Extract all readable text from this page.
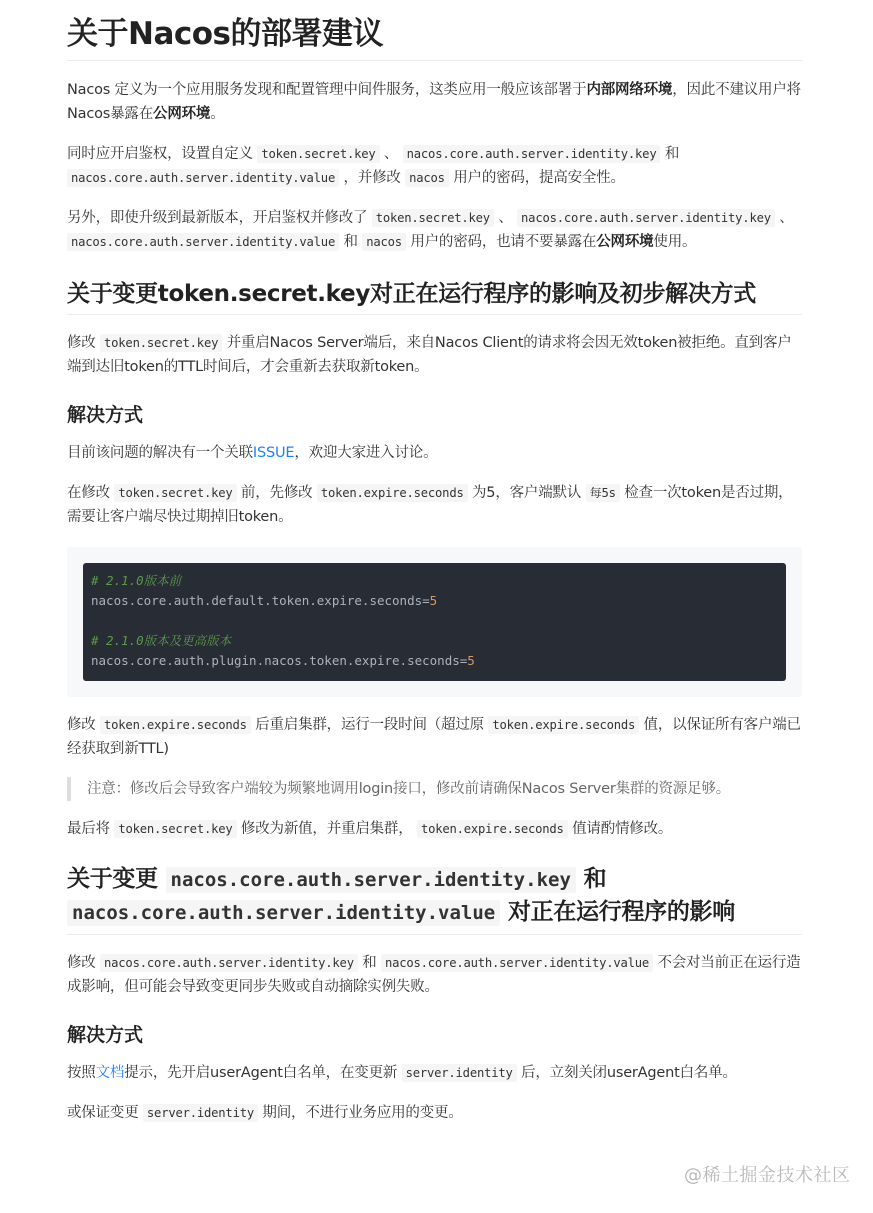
关于Nacos的部署建议

Nacos 定义为一个应用服务发现和配置管理中间件服务，这类应用一般应该部署于内部网络环境，因此不建议用户将Nacos暴露在公网环境。

同时应开启鉴权，设置自定义 token.secret.key 、 nacos.core.auth.server.identity.key 和 nacos.core.auth.server.identity.value ，并修改 nacos 用户的密码，提高安全性。

另外，即使升级到最新版本，开启鉴权并修改了 token.secret.key 、 nacos.core.auth.server.identity.key 、 nacos.core.auth.server.identity.value 和 nacos 用户的密码，也请不要暴露在公网环境使用。

关于变更token.secret.key对正在运行程序的影响及初步解决方式

修改 token.secret.key 并重启Nacos Server端后，来自Nacos Client的请求将会因无效token被拒绝。直到客户端到达旧token的TTL时间后，才会重新去获取新token。

解决方式

目前该问题的解决有一个关联ISSUE，欢迎大家进入讨论。

在修改 token.secret.key 前，先修改 token.expire.seconds 为5，客户端默认 每5s 检查一次token是否过期，需要让客户端尽快过期掉旧token。

# 2.1.0版本前
nacos.core.auth.default.token.expire.seconds=5

# 2.1.0版本及更高版本
nacos.core.auth.plugin.nacos.token.expire.seconds=5

修改 token.expire.seconds 后重启集群，运行一段时间（超过原 token.expire.seconds 值，以保证所有客户端已经获取到新TTL)

注意：修改后会导致客户端较为频繁地调用login接口，修改前请确保Nacos Server集群的资源足够。

最后将 token.secret.key 修改为新值，并重启集群， token.expire.seconds 值请酌情修改。

关于变更 nacos.core.auth.server.identity.key 和 nacos.core.auth.server.identity.value 对正在运行程序的影响

修改 nacos.core.auth.server.identity.key 和 nacos.core.auth.server.identity.value 不会对当前正在运行造成影响，但可能会导致变更同步失败或自动摘除实例失败。

解决方式

按照文档提示，先开启userAgent白名单，在变更新 server.identity 后，立刻关闭userAgent白名单。

或保证变更 server.identity 期间，不进行业务应用的变更。

@稀土掘金技术社区
